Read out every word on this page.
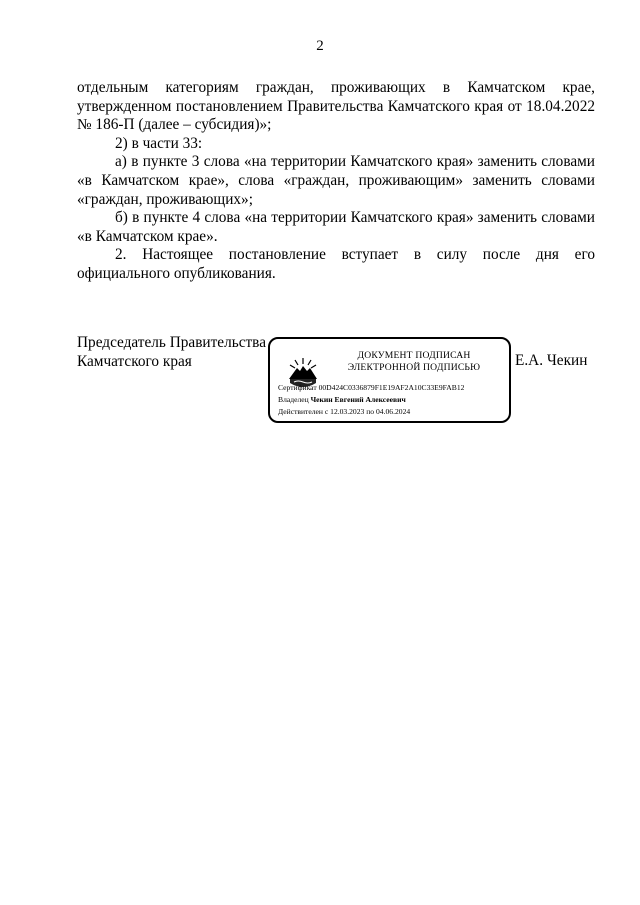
2

отдельным категориям граждан, проживающих в Камчатском крае, утвержденном постановлением Правительства Камчатского края от 18.04.2022 № 186-П (далее – субсидия)»;

2) в части 33:

а) в пункте 3 слова «на территории Камчатского края» заменить словами «в Камчатском крае», слова «граждан, проживающим» заменить словами «граждан, проживающих»;

б) в пункте 4 слова «на территории Камчатского края» заменить словами «в Камчатском крае».

2. Настоящее постановление вступает в силу после дня его официального опубликования.

Председатель Правительства
Камчатского края	ДОКУМЕНТ ПОДПИСАН
ЭЛЕКТРОННОЙ ПОДПИСЬЮ
Сертификат 00D424C0336879F1E19AF2A10C33E9FAB12
Владелец Чекин Евгений Алексеевич
Действителен с 12.03.2023 по 04.06.2024
Е.А. Чекин
